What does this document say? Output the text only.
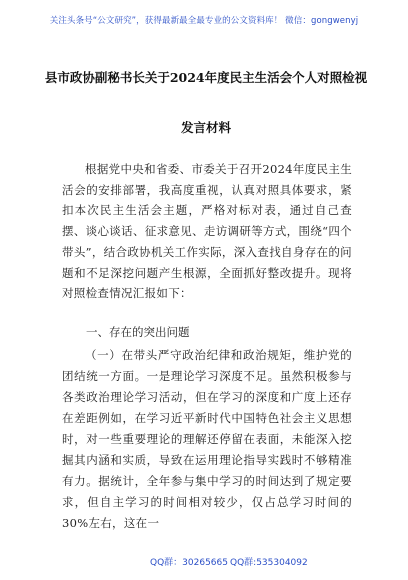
关注头条号“公文研究”，获得最新最全最专业的公文资料库！ 微信：gongwenyj
县市政协副秘书长关于2024年度民主生活会个人对照检视
发言材料

根据党中央和省委、市委关于召开2024年度民主生活会的安排部署，我高度重视，认真对照具体要求，紧扣本次民主生活会主题，严格对标对表，通过自己查摆、谈心谈话、征求意见、走访调研等方式，围绕“四个带头”，结合政协机关工作实际，深入查找自身存在的问题和不足深挖问题产生根源，全面抓好整改提升。现将对照检查情况汇报如下：

一、存在的突出问题

（一）在带头严守政治纪律和政治规矩，维护党的团结统一方面。一是理论学习深度不足。虽然积极参与各类政治理论学习活动，但在学习的深度和广度上还存在差距例如，在学习近平新时代中国特色社会主义思想时，对一些重要理论的理解还停留在表面，未能深入挖掘其内涵和实质，导致在运用理论指导实践时不够精准有力。据统计，全年参与集中学习的时间达到了规定要求，但自主学习的时间相对较少，仅占总学习时间的30%左右，这在一

QQ群：30265665 QQ群:535304092
